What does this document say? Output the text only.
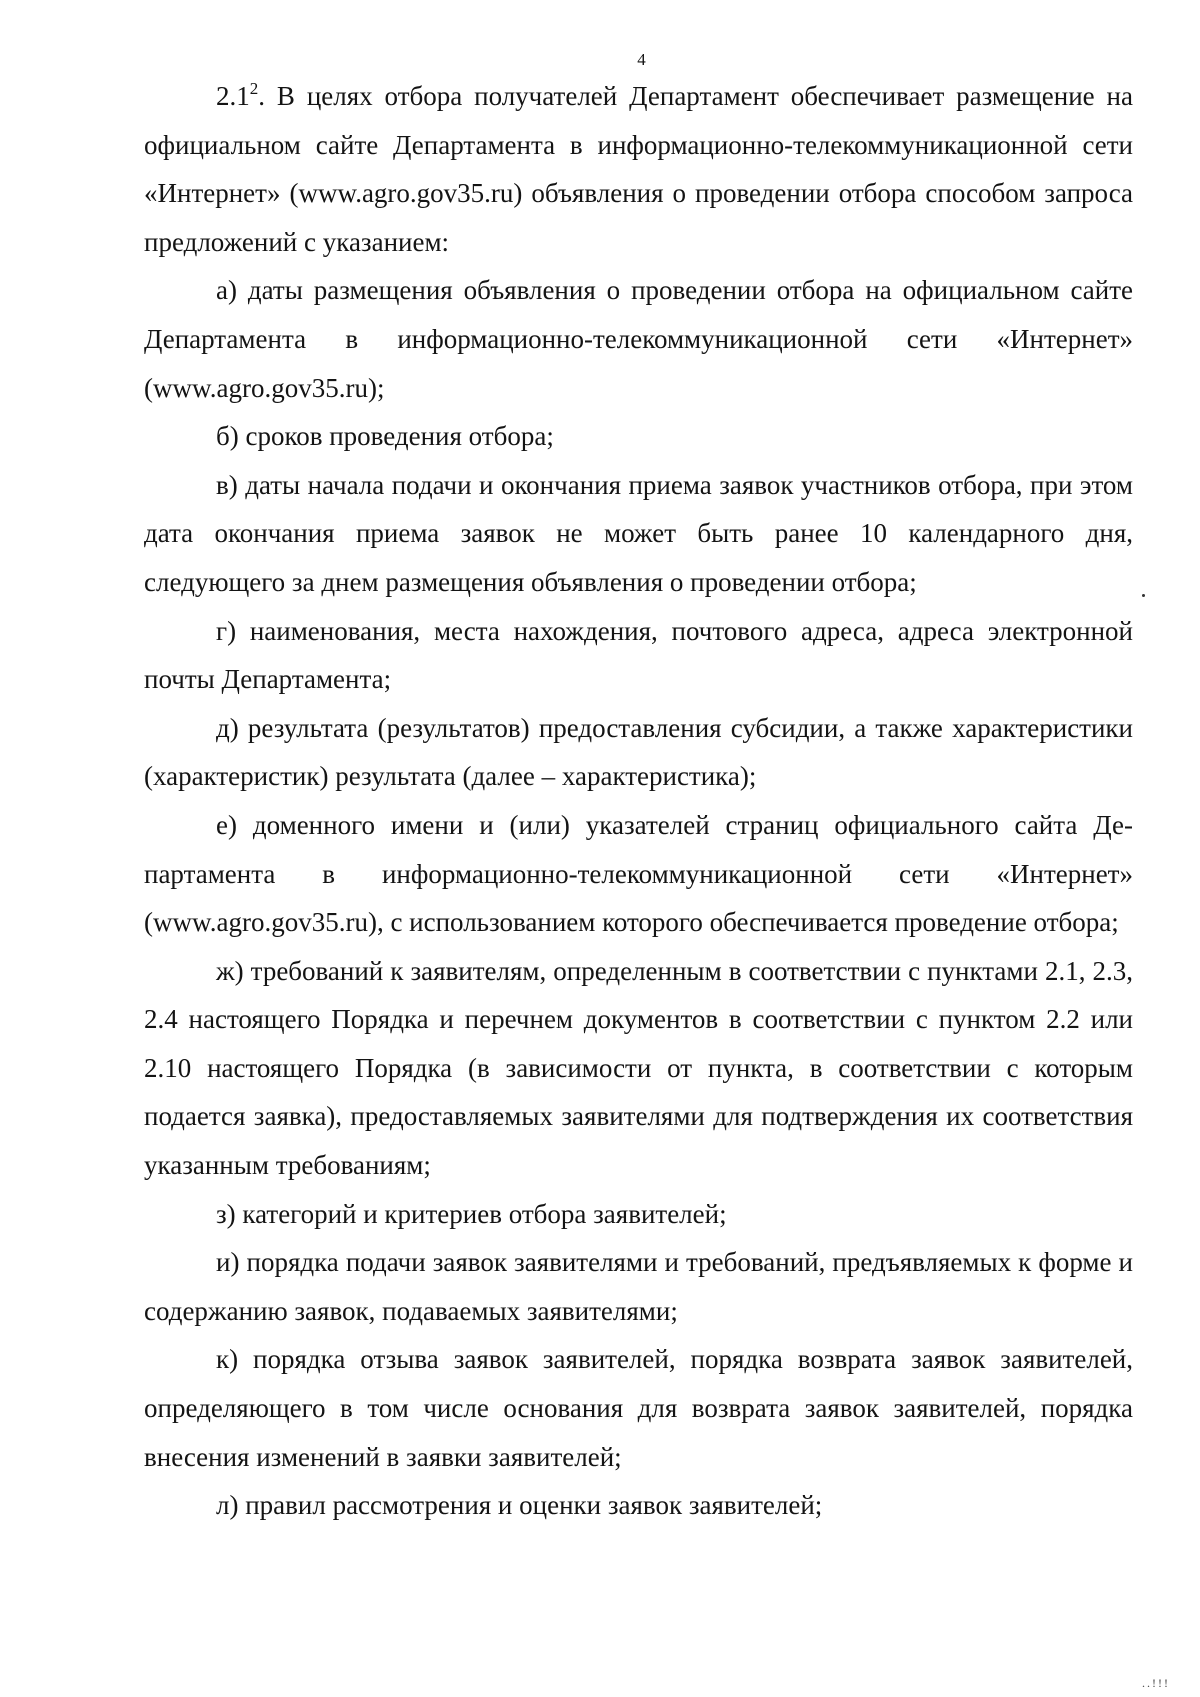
4

$2.1^2$. В целях отбора получателей Департамент обеспечивает размещение на официальном сайте Департамента в информационно-телекоммуникационной сети «Интернет» (www.agro.gov35.ru) объявления о проведении отбора способом запроса предложений с указанием:

а) даты размещения объявления о проведении отбора на официальном сайте Департамента в информационно-телекоммуникационной сети «Интернет» (www.agro.gov35.ru);

б) сроков проведения отбора;

в) даты начала подачи и окончания приема заявок участников отбора, при этом дата окончания приема заявок не может быть ранее 10 календарного дня, следующего за днем размещения объявления о проведении отбора;

г) наименования, места нахождения, почтового адреса, адреса электронной почты Департамента;

д) результата (результатов) предоставления субсидии, а также характеристики (характеристик) результата (далее – характеристика);

е) доменного имени и (или) указателей страниц официального сайта Департамента в информационно-телекоммуникационной сети «Интернет» (www.agro.gov35.ru), с использованием которого обеспечивается проведение отбора;

ж) требований к заявителям, определенным в соответствии с пунктами 2.1, 2.3, 2.4 настоящего Порядка и перечнем документов в соответствии с пунктом 2.2 или 2.10 настоящего Порядка (в зависимости от пункта, в соответствии с которым подается заявка), предоставляемых заявителями для подтверждения их соответствия указанным требованиям;

з) категорий и критериев отбора заявителей;

и) порядка подачи заявок заявителями и требований, предъявляемых к форме и содержанию заявок, подаваемых заявителями;

к) порядка отзыва заявок заявителей, порядка возврата заявок заявителей, определяющего в том числе основания для возврата заявок заявителей, порядка внесения изменений в заявки заявителей;

л) правил рассмотрения и оценки заявок заявителей;

..!!!
